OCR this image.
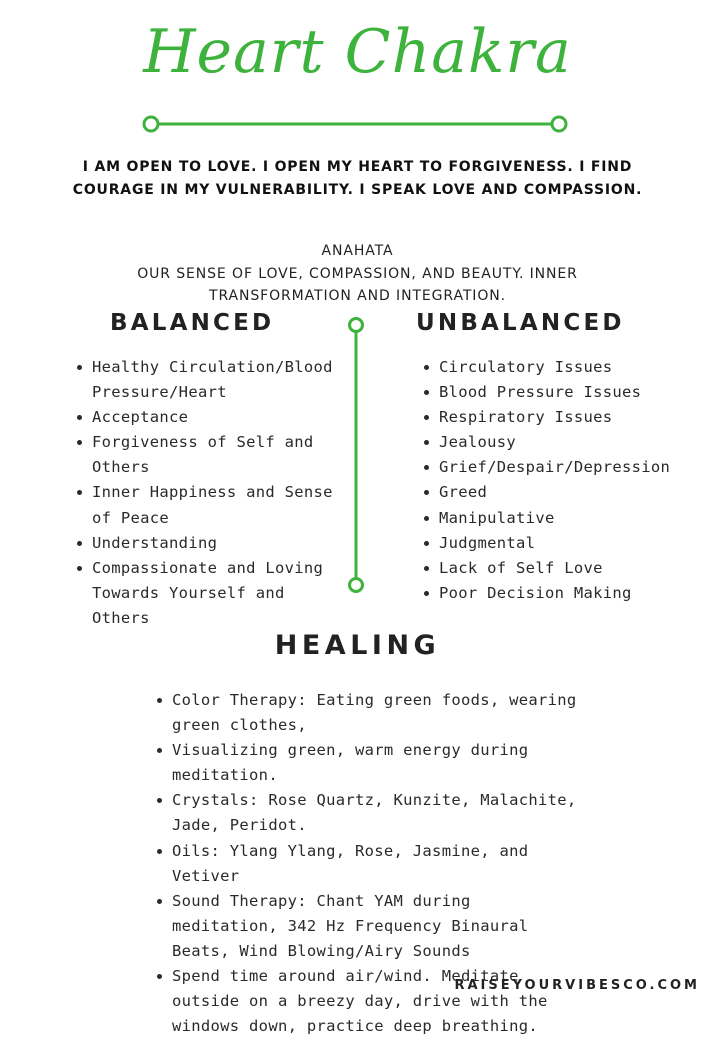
Heart Chakra
I AM OPEN TO LOVE. I OPEN MY HEART TO FORGIVENESS. I FIND COURAGE IN MY VULNERABILITY. I SPEAK LOVE AND COMPASSION.
ANAHATA
OUR SENSE OF LOVE, COMPASSION, AND BEAUTY. INNER TRANSFORMATION AND INTEGRATION.
BALANCED	UNBALANCED
Healthy Circulation/Blood Pressure/Heart
Acceptance
Forgiveness of Self and Others
Inner Happiness and Sense of Peace
Understanding
Compassionate and Loving Towards Yourself and Others
Circulatory Issues
Blood Pressure Issues
Respiratory Issues
Jealousy
Grief/Despair/Depression
Greed
Manipulative
Judgmental
Lack of Self Love
Poor Decision Making
HEALING
Color Therapy: Eating green foods, wearing green clothes,
Visualizing green, warm energy during meditation.
Crystals: Rose Quartz, Kunzite, Malachite, Jade, Peridot.
Oils: Ylang Ylang, Rose, Jasmine, and Vetiver
Sound Therapy: Chant YAM during meditation, 342 Hz Frequency Binaural Beats, Wind Blowing/Airy Sounds
Spend time around air/wind. Meditate outside on a breezy day, drive with the windows down, practice deep breathing.
RAISEYOURVIBESCO.COM
